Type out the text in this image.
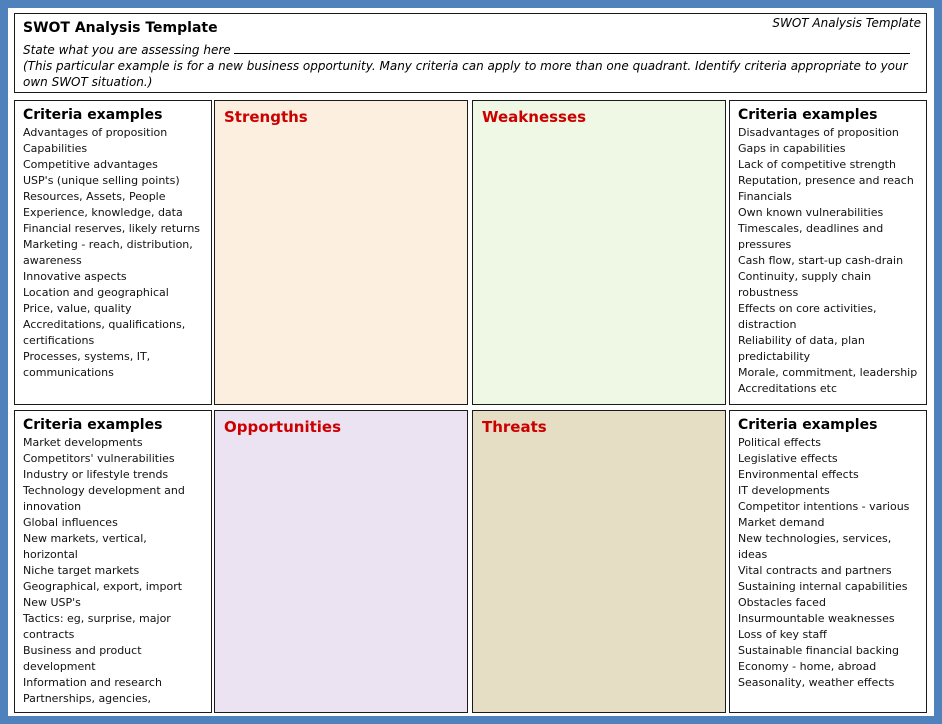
SWOT Analysis Template	SWOT Analysis Template
State what you are assessing here
(This particular example is for a new business opportunity. Many criteria can apply to more than one quadrant. Identify criteria appropriate to your own SWOT situation.)
Criteria examples
Advantages of proposition
Capabilities
Competitive advantages
USP's (unique selling points)
Resources, Assets, People
Experience, knowledge, data
Financial reserves, likely returns
Marketing - reach, distribution,
awareness
Innovative aspects
Location and geographical
Price, value, quality
Accreditations, qualifications,
certifications
Processes, systems, IT,
communications
Strengths	Weaknesses	Criteria examples
Disadvantages of proposition
Gaps in capabilities
Lack of competitive strength
Reputation, presence and reach
Financials
Own known vulnerabilities
Timescales, deadlines and
pressures
Cash flow, start-up cash-drain
Continuity, supply chain
robustness
Effects on core activities,
distraction
Reliability of data, plan
predictability
Morale, commitment, leadership
Accreditations etc
Criteria examples
Market developments
Competitors' vulnerabilities
Industry or lifestyle trends
Technology development and
innovation
Global influences
New markets, vertical, horizontal
Niche target markets
Geographical, export, import
New USP's
Tactics: eg, surprise, major
contracts
Business and product
development
Information and research
Partnerships, agencies,
Opportunities	Threats	Criteria examples
Political effects
Legislative effects
Environmental effects
IT developments
Competitor intentions - various
Market demand
New technologies, services, ideas
Vital contracts and partners
Sustaining internal capabilities
Obstacles faced
Insurmountable weaknesses
Loss of key staff
Sustainable financial backing
Economy - home, abroad
Seasonality, weather effects
